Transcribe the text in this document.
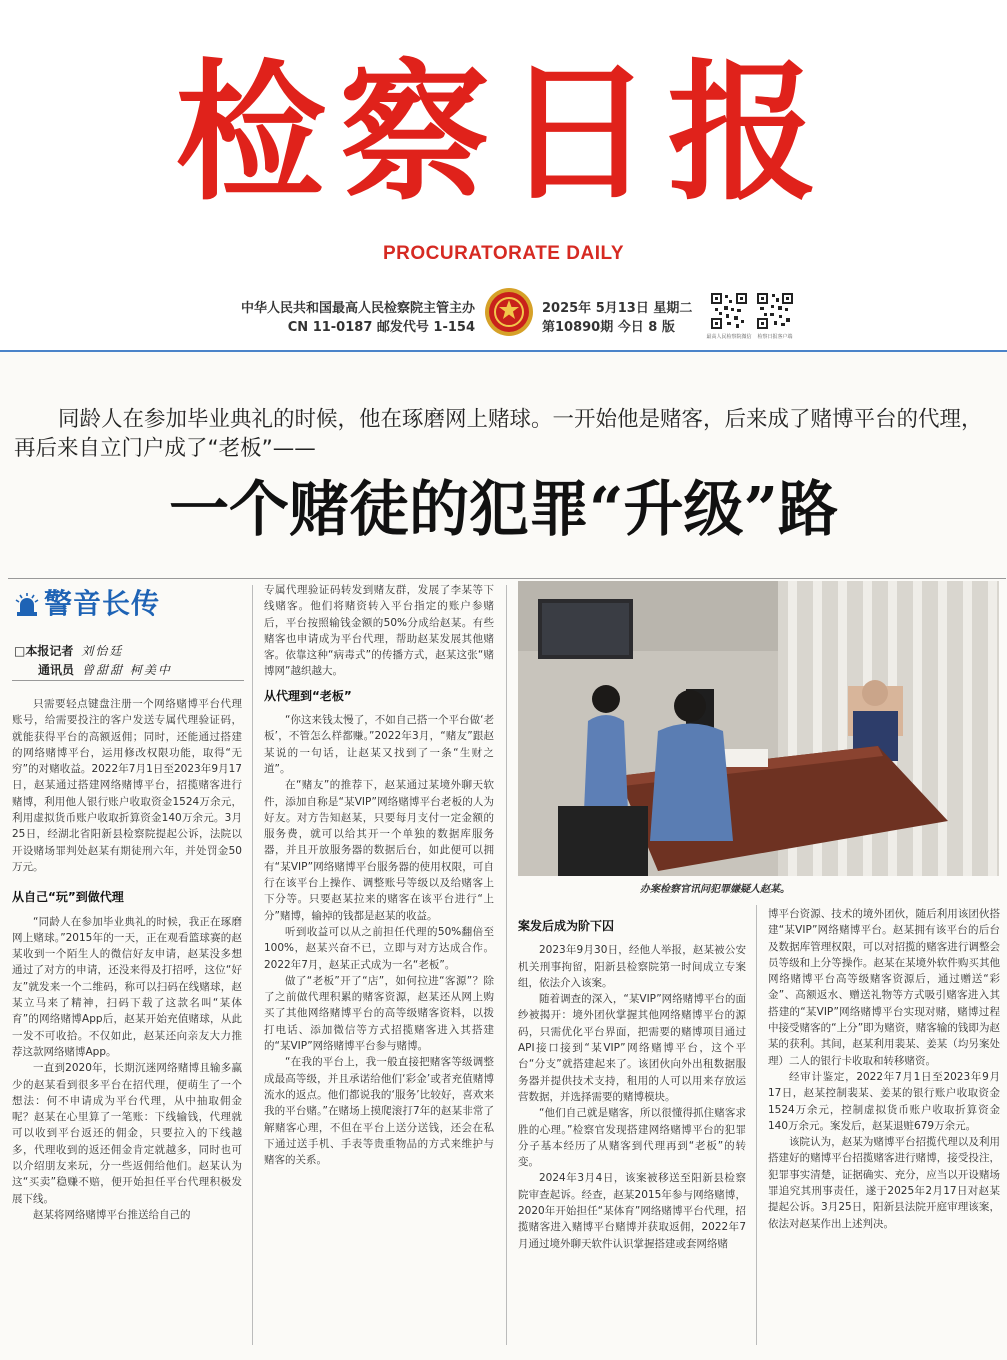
检察日报
PROCURATORATE DAILY
中华人民共和国最高人民检察院主管主办
CN 11-0187 邮发代号 1-154
2025年 5月13日 星期二
第10890期 今日 8 版
最高人民检察院微信	检察日报客户端
同龄人在参加毕业典礼的时候，他在琢磨网上赌球。一开始他是赌客，后来成了赌博平台的代理，再后来自立门户成了“老板”——
一个赌徒的犯罪“升级”路
警音长传
□本报记者 刘怡廷
通讯员 曾甜甜 柯美中

只需要轻点键盘注册一个网络赌博平台代理账号，给需要投注的客户发送专属代理验证码，就能获得平台的高额返佣；同时，还能通过搭建的网络赌博平台，运用修改权限功能，取得“无穷”的对赌收益。2022年7月1日至2023年9月17日，赵某通过搭建网络赌博平台，招揽赌客进行赌博，利用他人银行账户收取资金1524万余元，利用虚拟货币账户收取折算资金140万余元。3月25日，经湖北省阳新县检察院提起公诉，法院以开设赌场罪判处赵某有期徒刑六年，并处罚金50万元。

从自己“玩”到做代理

“同龄人在参加毕业典礼的时候，我正在琢磨网上赌球。”2015年的一天，正在观看篮球赛的赵某收到一个陌生人的微信好友申请，赵某没多想通过了对方的申请，还没来得及打招呼，这位“好友”就发来一个二维码，称可以扫码在线赌球，赵某立马来了精神，扫码下载了这款名叫“某体育”的网络赌博App后，赵某开始充值赌球，从此一发不可收拾。不仅如此，赵某还向亲友大力推荐这款网络赌博App。

一直到2020年，长期沉迷网络赌博且输多赢少的赵某看到很多平台在招代理，便萌生了一个想法：何不申请成为平台代理，从中抽取佣金呢？赵某在心里算了一笔账：下线输钱，代理就可以收到平台返还的佣金，只要拉入的下线越多，代理收到的返还佣金肯定就越多，同时也可以介绍朋友来玩，分一些返佣给他们。赵某认为这“买卖”稳赚不赔，便开始担任平台代理积极发展下线。

赵某将网络赌博平台推送给自己的

专属代理验证码转发到赌友群，发展了李某等下线赌客。他们将赌资转入平台指定的账户参赌后，平台按照输钱金额的50%分成给赵某。有些赌客也申请成为平台代理，帮助赵某发展其他赌客。依靠这种“病毒式”的传播方式，赵某这张“赌博网”越织越大。

从代理到“老板”

“你这来钱太慢了，不如自己搭一个平台做‘老板’，不管怎么样都赚。”2022年3月，“赌友”跟赵某说的一句话，让赵某又找到了一条“生财之道”。

在“赌友”的推荐下，赵某通过某境外聊天软件，添加自称是“某VIP”网络赌博平台老板的人为好友。对方告知赵某，只要每月支付一定金额的服务费，就可以给其开一个单独的数据库服务器，并且开放服务器的数据后台，如此便可以拥有“某VIP”网络赌博平台服务器的使用权限，可自行在该平台上操作、调整账号等级以及给赌客上下分等。只要赵某拉来的赌客在该平台进行“上分”赌博，输掉的钱都是赵某的收益。

听到收益可以从之前担任代理的50%翻倍至100%，赵某兴奋不已，立即与对方达成合作。2022年7月，赵某正式成为一名“老板”。

做了“老板”开了“店”，如何拉进“客源”？除了之前做代理积累的赌客资源，赵某还从网上购买了其他网络赌博平台的高等级赌客资料，以拨打电话、添加微信等方式招揽赌客进入其搭建的“某VIP”网络赌博平台参与赌博。

“在我的平台上，我一般直接把赌客等级调整成最高等级，并且承诺给他们‘彩金’或者充值赌博流水的返点。他们都说我的‘服务’比较好，喜欢来我的平台赌。”在赌场上摸爬滚打7年的赵某非常了解赌客心理，不但在平台上送分送钱，还会在私下通过送手机、手表等贵重物品的方式来维护与赌客的关系。

办案检察官讯问犯罪嫌疑人赵某。

案发后成为阶下囚

2023年9月30日，经他人举报，赵某被公安机关刑事拘留，阳新县检察院第一时间成立专案组，依法介入该案。

随着调查的深入，“某VIP”网络赌博平台的面纱被揭开：境外团伙掌握其他网络赌博平台的源码，只需优化平台界面，把需要的赌博项目通过API接口接到“某VIP”网络赌博平台，这个平台“分支”就搭建起来了。该团伙向外出租数据服务器并提供技术支持，租用的人可以用来存放运营数据，并选择需要的赌博模块。

“他们自己就是赌客，所以很懂得抓住赌客求胜的心理。”检察官发现搭建网络赌博平台的犯罪分子基本经历了从赌客到代理再到“老板”的转变。

2024年3月4日，该案被移送至阳新县检察院审查起诉。经查，赵某2015年参与网络赌博，2020年开始担任“某体育”网络赌博平台代理，招揽赌客进入赌博平台赌博并获取返佣，2022年7月通过境外聊天软件认识掌握搭建或套网络赌

博平台资源、技术的境外团伙，随后利用该团伙搭建“某VIP”网络赌博平台。赵某拥有该平台的后台及数据库管理权限，可以对招揽的赌客进行调整会员等级和上分等操作。赵某在某境外软件购买其他网络赌博平台高等级赌客资源后，通过赠送“彩金”、高额返水、赠送礼物等方式吸引赌客进入其搭建的“某VIP”网络赌博平台实现对赌，赌博过程中接受赌客的“上分”即为赌资，赌客输的钱即为赵某的获利。其间，赵某利用裴某、姜某（均另案处理）二人的银行卡收取和转移赌资。

经审计鉴定，2022年7月1日至2023年9月17日，赵某控制裴某、姜某的银行账户收取资金1524万余元，控制虚拟货币账户收取折算资金140万余元。案发后，赵某退赃679万余元。

该院认为，赵某为赌博平台招揽代理以及利用搭建好的赌博平台招揽赌客进行赌博，接受投注，犯罪事实清楚，证据确实、充分，应当以开设赌场罪追究其刑事责任，遂于2025年2月17日对赵某提起公诉。3月25日，阳新县法院开庭审理该案，依法对赵某作出上述判决。
